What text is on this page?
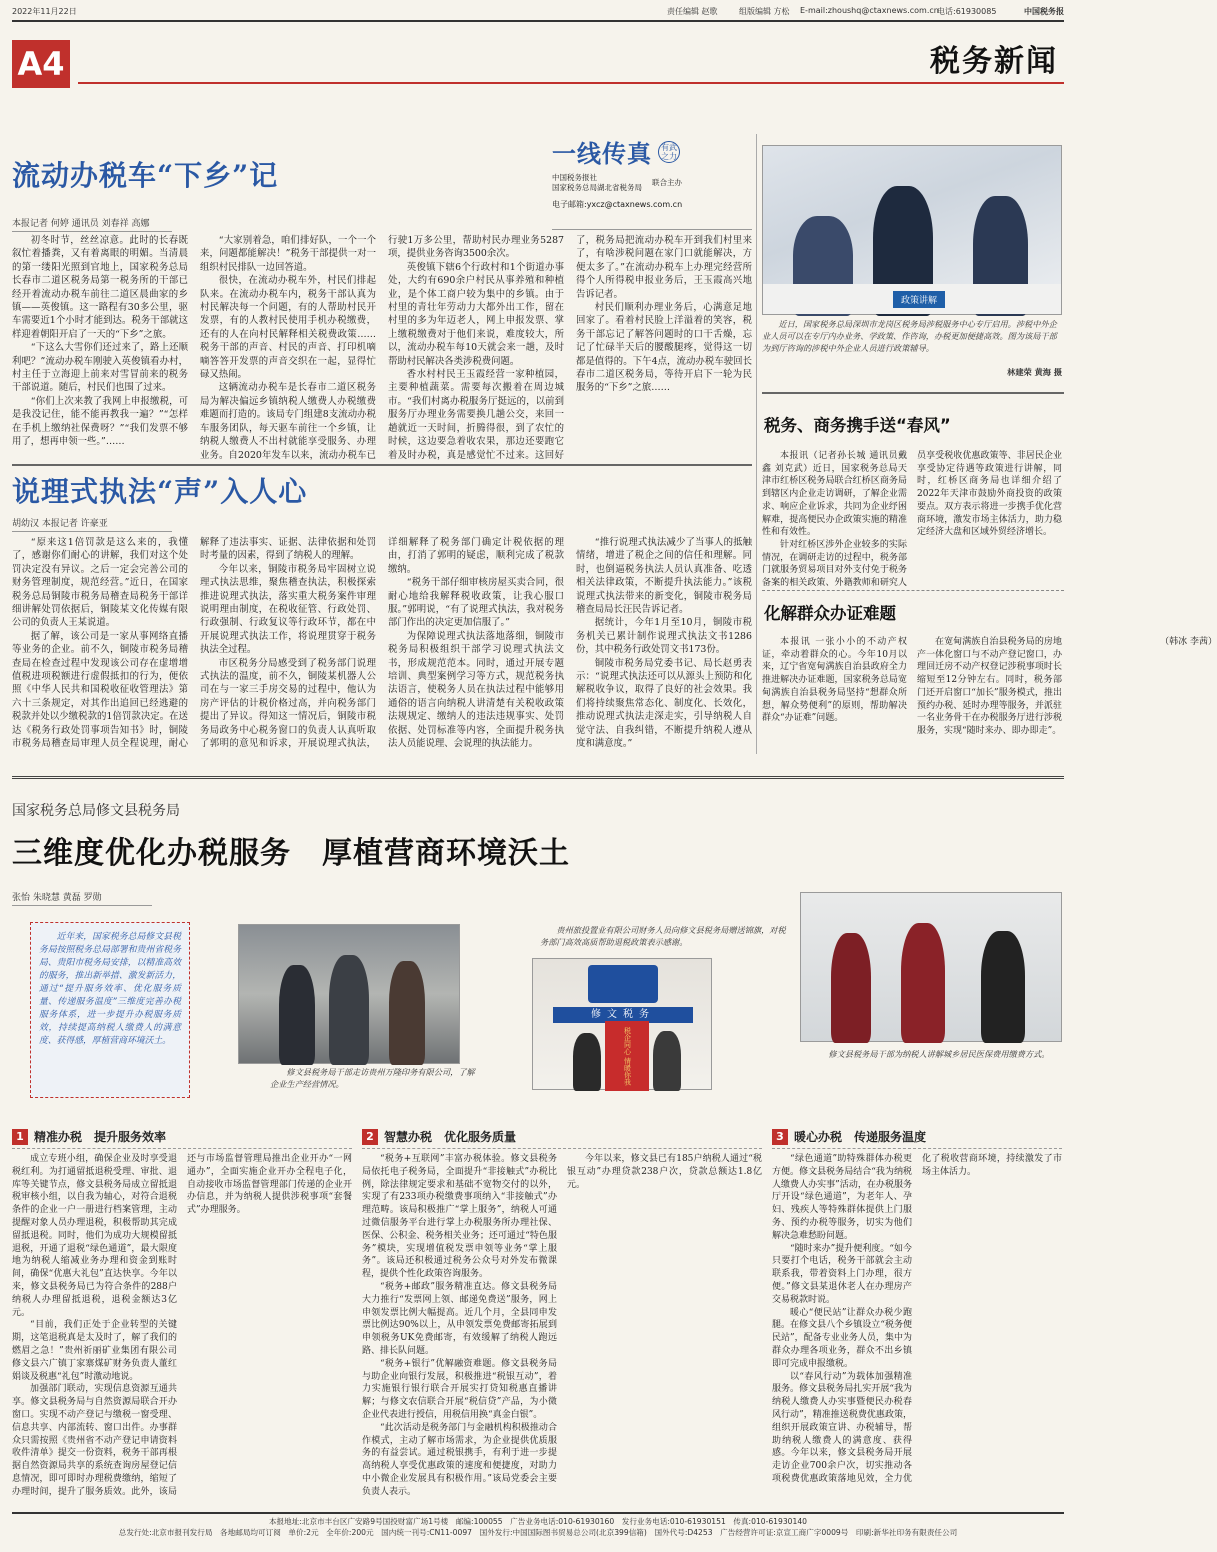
2022年11月22日	责任编辑 赵歌	组版编辑 方松 E-mail:zhoushq@ctaxnews.com.cn
电话:61930085	中国税务报
A4	税务新闻
流动办税车“下乡”记
本报记者 何婷 通讯员 刘春祥 高娜

初冬时节，丝丝凉意。此时的长春既叙忙着播粪，又有着离眼的明媚。当清晨的第一缕阳光照到官地上，国家税务总局长春市二道区税务局第一税务所的干部已经开着流动办税车前往二道区晨曲家的乡镇——英俊镇。这一路程有30多公里，驱车需要近1个小时才能到达。税务干部就这样迎着朝阳开启了一天的“下乡”之旅。

“下这么大雪你们还过来了，路上还顺利吧？”流动办税车刚驶入英俊镇看办村，村主任于立海迎上前来对雪冒前来的税务干部说道。随后，村民们也围了过来。

“你们上次来教了我网上申报缴税，可是我没记住，能不能再教我一遍？”“怎样在手机上缴纳社保费呀？”“我们发票不够用了，想再申领一些。”……

“大家别着急，咱们排好队，一个一个来，问题都能解决！”税务干部提供一对一组织村民排队一边回答道。

很快，在流动办税车外，村民们排起队来。在流动办税车内，税务干部认真为村民解决每一个问题，有的人帮助村民开发票，有的人教村民使用手机办税缴费，还有的人在向村民解释相关税费政策……税务干部的声音、村民的声音、打印机嘀嘀答答开发票的声音交织在一起，显得忙碌又热闹。

这辆流动办税车是长春市二道区税务局为解决偏远乡镇纳税人缴费人办税缴费难题而打造的。该局专门组建8支流动办税车服务团队，每天驱车前往一个乡镇，让纳税人缴费人不出村就能享受服务、办理业务。自2020年发车以来，流动办税车已行驶1万多公里，帮助村民办理业务5287项，提供业务咨询3500余次。

英俊镇下辖6个行政村和1个街道办事处，大约有690余户村民从事养殖和种植业，是个体工商户较为集中的乡镇。由于村里的青壮年劳动力大都外出工作，留在村里的多为年迈老人，网上申报发票、掌上缴税缴费对于他们来说，难度较大，所以，流动办税车每10天就会来一趟，及时帮助村民解决各类涉税费问题。

香水村村民王玉霞经营一家种植园，主要种植蔬菜。需要每次搬着在周边城市。“我们村离办税服务厅挺远的，以前到服务厅办理业务需要换几趟公交，来回一趟就近一天时间，折腾得很，到了农忙的时候，这边要急着收农果，那边还要跑它着及时办税，真是感觉忙不过来。这回好了，税务局把流动办税车开到我们村里来了，有啥涉税问题在家门口就能解决，方便太多了。”在流动办税车上办理完经营所得个人所得税申报业务后，王玉霞高兴地告诉记者。

村民们顺利办理业务后，心满意足地回家了。看着村民脸上洋溢着的笑容，税务干部忘记了解答问题时的口干舌燥，忘记了忙碌半天后的腰酸腿疼，觉得这一切都是值得的。下午4点，流动办税车驶回长春市二道区税务局，等待开启下一轮为民服务的“下乡”之旅……

一线传真	有武之力
中国税务报社
国家税务总局湖北省税务局
联合主办
电子邮箱:yxcz@ctaxnews.com.cn
政策讲解
近日，国家税务总局深圳市龙岗区税务局涉税服务中心专厅启用。涉税中外企业人员可以在专厅内办业务、学政策、作咨询，办税更加便捷高效。图为该局干部为到厅咨询的涉税中外企业人员进行政策辅导。
林建荣 黄海 摄
税务、商务携手送“春风”

本报讯（记者孙长城 通讯员戴鑫 刘克武）近日，国家税务总局天津市红桥区税务局联合红桥区商务局到辖区内企业走访调研，了解企业需求、响应企业诉求，共同为企业纾困解难，提高便民办企政策实施的精准性和有效性。

针对红桥区涉外企业较多的实际情况，在调研走访的过程中，税务部门就服务贸易项目对外支付免于税务备案的相关政策、外籍教师和研究人员享受税收优惠政策等、非居民企业享受协定待遇等政策进行讲解，同时，红桥区商务局也详细介绍了2022年天津市鼓励外商投资的政策要点。双方表示将进一步携手优化营商环境，激发市场主体活力，助力稳定经济大盘和区域外贸经济增长。

化解群众办证难题

本报讯 一张小小的不动产权证，牵动着群众的心。今年10月以来，辽宁省宽甸满族自治县政府全力推进解决办证难题，国家税务总局宽甸满族自治县税务局坚持“想群众所想，解众势便利”的原则，帮助解决群众“办证难”问题。

在宽甸满族自治县税务局的房地产一体化窗口与不动产登记窗口，办理回迁房不动产权登记涉税事项时长缩短至12分钟左右。同时，税务部门还开启窗口“加长”服务模式，推出预约办税、延时办理等服务，并派驻一名业务骨干在办税服务厅进行涉税服务，实现“随时来办、即办即走”。

（韩冰 李茜）

说理式执法“声”入人心
胡幼汉 本报记者 许豪亚

“原来这1倍罚款是这么来的，我懂了，感谢你们耐心的讲解，我们对这个处罚决定没有异议。之后一定会完善公司的财务管理制度，规范经营。”近日，在国家税务总局铜陵市税务局稽查局税务干部详细讲解处罚依据后，铜陵某文化传媒有限公司的负责人王某说道。

据了解，该公司是一家从事网络直播等业务的企业。前不久，铜陵市税务局稽查局在检查过程中发现该公司存在虚增增值税进项税额进行虚假抵扣的行为，便依照《中华人民共和国税收征收管理法》第六十三条规定，对其作出追回已经逃避的税款并处以少缴税款的1倍罚款决定。在送达《税务行政处罚事项告知书》时，铜陵市税务局稽查局审理人员全程说理，耐心解释了违法事实、证据、法律依据和处罚时考量的因素，得到了纳税人的理解。

今年以来，铜陵市税务局牢固树立说理式执法思维，聚焦稽查执法，积极探索推进说理式执法，落实重大税务案件审理说明理由制度，在税收征管、行政处罚、行政强制、行政复议等行政环节，都在中开展说理式执法工作，将说理贯穿于税务执法全过程。

市区税务分局感受到了税务部门说理式执法的温度，前不久，铜陵某机器人公司在与一家三手房交易的过程中，他认为房产评估的计税价格过高，并向税务部门提出了异议。得知这一情况后，铜陵市税务局政务中心税务窗口的负责人认真听取了郭明的意见和诉求，开展说理式执法，详细解释了税务部门确定计税依据的理由，打消了郭明的疑虑，顺利完成了税款缴纳。

“税务干部仔细审核房屋买卖合同，很耐心地给我解释税收政策，让我心服口服。”郭明说，“有了说理式执法，我对税务部门作出的决定更加信服了。”

为保障说理式执法落地落细，铜陵市税务局积极组织干部学习说理式执法文书，形成规范范本。同时，通过开展专题培训、典型案例学习等方式，规范税务执法语言，使税务人员在执法过程中能够用通俗的语言向纳税人讲清楚有关税收政策法规规定、缴纳人的违法违规事实、处罚依据、处罚标准等内容，全面提升税务执法人员能说理、会说理的执法能力。

“推行说理式执法减少了当事人的抵触情绪，增进了税企之间的信任和理解。同时，也倒逼税务执法人员认真准备、吃透相关法律政策，不断提升执法能力。”该税说理式执法带来的新变化，铜陵市税务局稽查局局长汪民告诉记者。

据统计，今年1月至10月，铜陵市税务机关已累计制作说理式执法文书1286份，其中税务行政处罚文书173份。

铜陵市税务局党委书记、局长赵勇表示：“说理式执法还可以从源头上预防和化解税收争议，取得了良好的社会效果。我们将持续聚焦常态化、制度化、长效化，推动说理式执法走深走实，引导纳税人自觉守法、自我纠错，不断提升纳税人遵从度和满意度。”

国家税务总局修文县税务局
三维度优化办税服务　厚植营商环境沃土
张怡 朱晓慧 黄磊 罗勋
近年来，国家税务总局修文县税务局按照税务总局部署和贵州省税务局、贵阳市税务局安排，以精准高效的服务，推出新举措、激发新活力，通过“提升服务效率、优化服务质量、传递服务温度”三维度完善办税服务体系，进一步提升办税服务质效，持续提高纳税人缴费人的满意度、获得感，厚植营商环境沃土。
修文县税务局干部走访贵州万隆印务有限公司，了解企业生产经营情况。
贵州旅投置业有限公司财务人员向修文县税务局赠送锦旗，对税务部门高效高质帮助退税政策表示感谢。
修文税务
税企同心 情暖你我	修文县税务局干部为纳税人讲解城乡居民医保费用缴费方式。
1 精准办税　提升服务效率

成立专班小组，确保企业及时享受退税红利。为打通留抵退税受理、审批、退库等关键节点，修文县税务局成立留抵退税审核小组，以自我为轴心，对符合退税条件的企业一户一册进行档案管理，主动提醒对象人员办理退税，积极帮助其完成留抵退税。同时，他们为成功大规模留抵退税，开通了退税“绿色通道”，最大限度地为纳税人缩减业务办理和资金到账时间，确保“优惠大礼包”直达快享。今年以来，修文县税务局已为符合条件的288户纳税人办理留抵退税，退税金额达3亿元。

“目前，我们正处于企业转型的关键期，这笔退税真是太及时了，解了我们的燃眉之急！”贵州祈丽矿业集团有限公司修文县六广镇丁家寨煤矿财务负责人董红娟谈及税惠“礼包”时激动地说。

加强部门联动，实现信息资源互通共享。修文县税务局与自然资源局联合开办窗口。实现不动产登记与缴税一窗受理、信息共享、内部流转、窗口出件。办事群众只需按照《贵州省不动产登记申请资料收件清单》提交一份资料，税务干部再根据自然资源局共享的系统查询房屋登记信息情况，即可即时办理税费缴纳，缩短了办理时间，提升了服务质效。此外，该局还与市场监督管理局推出企业开办“一网通办”，全面实施企业开办全程电子化，自动接收市场监督管理部门传递的企业开办信息，并为纳税人提供涉税事项“套餐式”办理服务。

2 智慧办税　优化服务质量

“税务+互联网”丰富办税体验。修文县税务局依托电子税务局，全面提升“非接触式”办税比例，除法律规定要求和基础不宽物交付的以外，实现了有233项办税缴费事项纳入“非接触式”办理范畴。该局积极推广“掌上服务”，纳税人可通过微信服务平台进行掌上办税服务所办理社保、医保、公积金、税务相关业务；还可通过“特色服务”模块，实现增值税发票申领等业务“掌上服务”。该局还积极通过税务公众号对外发布微课程，提供个性化政策咨询服务。

“税务+邮政”服务精准直达。修文县税务局大力推行“发票网上领、邮递免费送”服务，网上申领发票比例大幅提高。近几个月，全县同申发票比例达90%以上，从申领发票免费邮寄拓展到申领税务UK免费邮寄，有效缓解了纳税人跑远路、排长队问题。

“税务+银行”优解融资难题。修文县税务局与助企业向银行发展，积极推进“税银互动”，着力实施银行银行联合开展实打贷知税惠直播讲解；与修文农信联合开展“税信贷”产品，为小微企业代表进行授信，用税信用换“真金白银”。

“此次活动是税务部门与金融机构积极推动合作模式，主动了解市场需求，为企业提供优质服务的有益尝试。通过税银携手，有利于进一步提高纳税人享受优惠政策的速度和便捷度，对助力中小微企业发展具有积极作用。”该局党委会主要负责人表示。

今年以来，修文县已有185户纳税人通过“税银互动”办理贷款238户次，贷款总额达1.8亿元。

3 暖心办税　传递服务温度

“绿色通道”助特殊群体办税更方便。修文县税务局结合“我为纳税人缴费人办实事”活动，在办税服务厅开设“绿色通道”，为老年人、孕妇、残疾人等特殊群体提供上门服务、预约办税等服务，切实为他们解决急难愁盼问题。

“随时来办”提升便利度。“如今只要打个电话，税务干部就会主动联系我，带着资料上门办理，很方便。”修文县某退休老人在办理房产交易税款时说。

暖心“便民站”让群众办税少跑腿。在修文县八个乡镇设立“税务便民站”，配备专业业务人员，集中为群众办理各项业务，群众不出乡镇即可完成申报缴税。

以“春风行动”为载体加强精准服务。修文县税务局扎实开展“我为纳税人缴费人办实事暨便民办税春风行动”，精准推送税费优惠政策，组织开展政策宣讲、办税辅导，帮助纳税人缴费人的满意度、获得感。今年以来，修文县税务局开展走访企业700余户次，切实推动各项税费优惠政策落地见效，全力优化了税收营商环境，持续激发了市场主体活力。

本报地址:北京市丰台区广安路9号国投财富广场1号楼　邮编:100055　广告业务电话:010-61930160　发行业务电话:010-61930151　传真:010-61930140
总发行处:北京市报刊发行局　各地邮局均可订阅　单价:2元　全年价:200元　国内统一刊号:CN11-0097　国外发行:中国国际图书贸易总公司(北京399信箱)　国外代号:D4253　广告经营许可证:京宣工商广字0009号　印刷:新华社印务有限责任公司
